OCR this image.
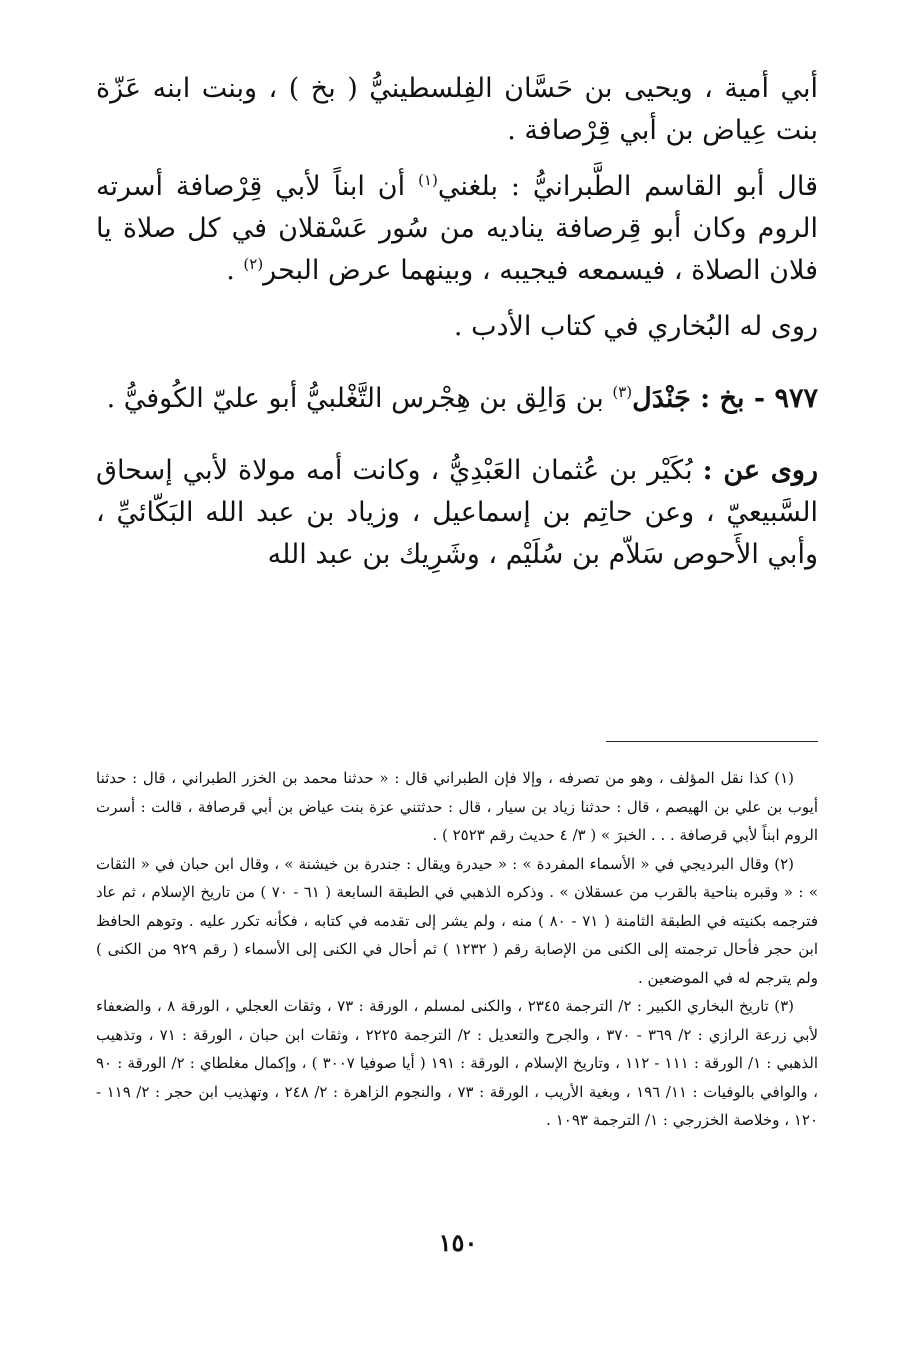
أبي أمية ، ويحيى بن حَسَّان الفِلسطينيُّ ( بخ ) ، وبنت ابنه عَزّة بنت عِياض بن أبي قِرْصافة .

قال أبو القاسم الطَّبرانيُّ : بلغني$^{(١)}$ أن ابناً لأبي قِرْصافة أسرته الروم وكان أبو قِرصافة يناديه من سُور عَسْقلان في كل صلاة يا فلان الصلاة ، فيسمعه فيجيبه ، وبينهما عرض البحر$^{(٢)}$ .

روى له البُخاري في كتاب الأدب .

٩٧٧ - بخ : جَنْدَل$^{(٣)}$ بن وَالِق بن هِجْرس التَّغْلبيُّ أبو عليّ الكُوفيُّ .

روى عن : بُكَيْر بن عُثمان العَبْدِيُّ ، وكانت أمه مولاة لأبي إسحاق السَّبيعيّ ، وعن حاتِم بن إسماعيل ، وزياد بن عبد الله البَكّائيِّ ، وأبي الأَحوص سَلاّم بن سُلَيْم ، وشَرِيك بن عبد الله

(١) كذا نقل المؤلف ، وهو من تصرفه ، وإلا فإن الطبراني قال : « حدثنا محمد بن الخزر الطبراني ، قال : حدثنا أيوب بن علي بن الهيصم ، قال : حدثنا زياد بن سيار ، قال : حدثتني عزة بنت عياض بن أبي قرصافة ، قالت : أسرت الروم ابناً لأبي قرصافة . . . الخبرَ » ( ٣/ ٤ حديث رقم ٢٥٢٣ ) .

(٢) وقال البرديجي في « الأسماء المفردة » : « حيدرة ويقال : جندرة بن خيشنة » ، وقال ابن حبان في « الثقات » : « وقبره بناحية بالقرب من عسقلان » . وذكره الذهبي في الطبقة السابعة ( ٦١ - ٧٠ ) من تاريخ الإسلام ، ثم عاد فترجمه بكنيته في الطبقة الثامنة ( ٧١ - ٨٠ ) منه ، ولم يشر إلى تقدمه في كتابه ، فكأنه تكرر عليه . وتوهم الحافظ ابن حجر فأحال ترجمته إلى الكنى من الإصابة رقم ( ١٢٣٢ ) ثم أحال في الكنى إلى الأسماء ( رقم ٩٢٩ من الكنى ) ولم يترجم له في الموضعين .

(٣) تاريخ البخاري الكبير : ٢/ الترجمة ٢٣٤٥ ، والكنى لمسلم ، الورقة : ٧٣ ، وثقات العجلي ، الورقة ٨ ، والضعفاء لأبي زرعة الرازي : ٢/ ٣٦٩ - ٣٧٠ ، والجرح والتعديل : ٢/ الترجمة ٢٢٢٥ ، وثقات ابن حبان ، الورقة : ٧١ ، وتذهيب الذهبي : ١/ الورقة : ١١١ - ١١٢ ، وتاريخ الإسلام ، الورقة : ١٩١ ( أيا صوفيا ٣٠٠٧ ) ، وإكمال مغلطاي : ٢/ الورقة : ٩٠ ، والوافي بالوفيات : ١١/ ١٩٦ ، وبغية الأريب ، الورقة : ٧٣ ، والنجوم الزاهرة : ٢/ ٢٤٨ ، وتهذيب ابن حجر : ٢/ ١١٩ - ١٢٠ ، وخلاصة الخزرجي : ١/ الترجمة ١٠٩٣ .

١٥٠
